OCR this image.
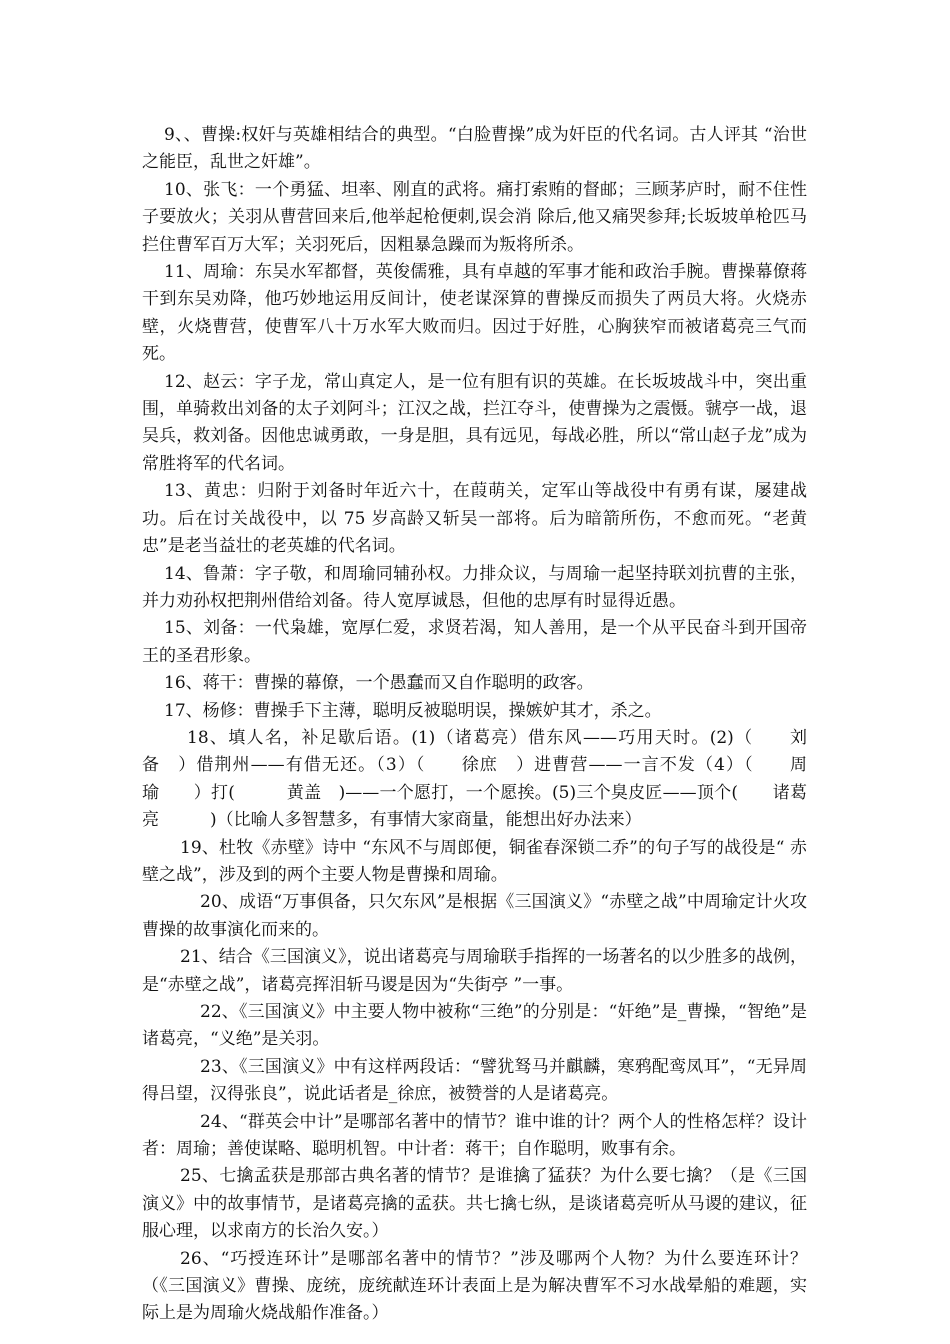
9、、曹操:权奸与英雄相结合的典型。“白脸曹操”成为奸臣的代名词。古人评其 “治世之能臣，乱世之奸雄”。

10、张飞：一个勇猛、坦率、刚直的武将。痛打索贿的督邮；三顾茅庐时，耐不住性子要放火；关羽从曹营回来后,他举起枪便刺,误会消 除后,他又痛哭参拜;长坂坡单枪匹马拦住曹军百万大军；关羽死后，因粗暴急躁而为叛将所杀。

11、周瑜：东吴水军都督，英俊儒雅，具有卓越的军事才能和政治手腕。曹操幕僚蒋干到东吴劝降，他巧妙地运用反间计，使老谋深算的曹操反而损失了两员大将。火烧赤壁，火烧曹营，使曹军八十万水军大败而归。因过于好胜，心胸狭窄而被诸葛亮三气而死。

12、赵云：字子龙，常山真定人，是一位有胆有识的英雄。在长坂坡战斗中，突出重围，单骑救出刘备的太子刘阿斗；江汉之战，拦江夺斗，使曹操为之震慑。虢亭一战，退吴兵，救刘备。因他忠诚勇敢，一身是胆，具有远见，每战必胜，所以“常山赵子龙”成为常胜将军的代名词。

13、黄忠：归附于刘备时年近六十，在葭萌关，定军山等战役中有勇有谋，屡建战功。后在讨关战役中，以 75 岁高龄又斩吴一部将。后为暗箭所伤，不愈而死。“老黄忠”是老当益壮的老英雄的代名词。

14、鲁萧：字子敬，和周瑜同辅孙权。力排众议，与周瑜一起坚持联刘抗曹的主张，并力劝孙权把荆州借给刘备。待人宽厚诚恳，但他的忠厚有时显得近愚。

15、刘备：一代枭雄，宽厚仁爱，求贤若渴，知人善用，是一个从平民奋斗到开国帝王的圣君形象。

16、蒋干：曹操的幕僚，一个愚蠢而又自作聪明的政客。

17、杨修：曹操手下主薄，聪明反被聪明误，操嫉妒其才，杀之。

18、填人名，补足歇后语。(1)（诸葛亮）借东风——巧用天时。(2)（　　刘备　）借荆州——有借无还。（3）（　　徐庶　）进曹营——一言不发（4）（　　周瑜　　）打(　　　黄盖　)——一个愿打，一个愿挨。(5)三个臭皮匠——顶个(　　诸葛亮　　　)（比喻人多智慧多，有事情大家商量，能想出好办法来）

19、杜牧《赤壁》诗中 “东风不与周郎便，铜雀春深锁二乔”的句子写的战役是“ 赤壁之战”，涉及到的两个主要人物是曹操和周瑜。

20、成语“万事俱备，只欠东风”是根据《三国演义》“赤壁之战”中周瑜定计火攻曹操的故事演化而来的。

21、结合《三国演义》，说出诸葛亮与周瑜联手指挥的一场著名的以少胜多的战例，是“赤壁之战”，诸葛亮挥泪斩马谡是因为“失街亭 ”一事。

22、《三国演义》中主要人物中被称“三绝”的分别是：“奸绝”是_曹操，“智绝”是诸葛亮，“义绝”是关羽。

23、《三国演义》中有这样两段话：“譬犹驽马并麒麟，寒鸦配鸾凤耳”，“无异周得吕望，汉得张良”，说此话者是_徐庶，被赞誉的人是诸葛亮。

24、“群英会中计”是哪部名著中的情节？谁中谁的计？两个人的性格怎样？设计者：周瑜；善使谋略、聪明机智。中计者：蒋干；自作聪明，败事有余。

25、七擒孟获是那部古典名著的情节？是谁擒了猛获？为什么要七擒？（是《三国演义》中的故事情节，是诸葛亮擒的孟获。共七擒七纵，是谈诸葛亮听从马谡的建议，征服心理，以求南方的长治久安。）

26、“巧授连环计”是哪部名著中的情节？”涉及哪两个人物？为什么要连环计？（《三国演义》曹操、庞统，庞统献连环计表面上是为解决曹军不习水战晕船的难题，实际上是为周瑜火烧战船作准备。）
